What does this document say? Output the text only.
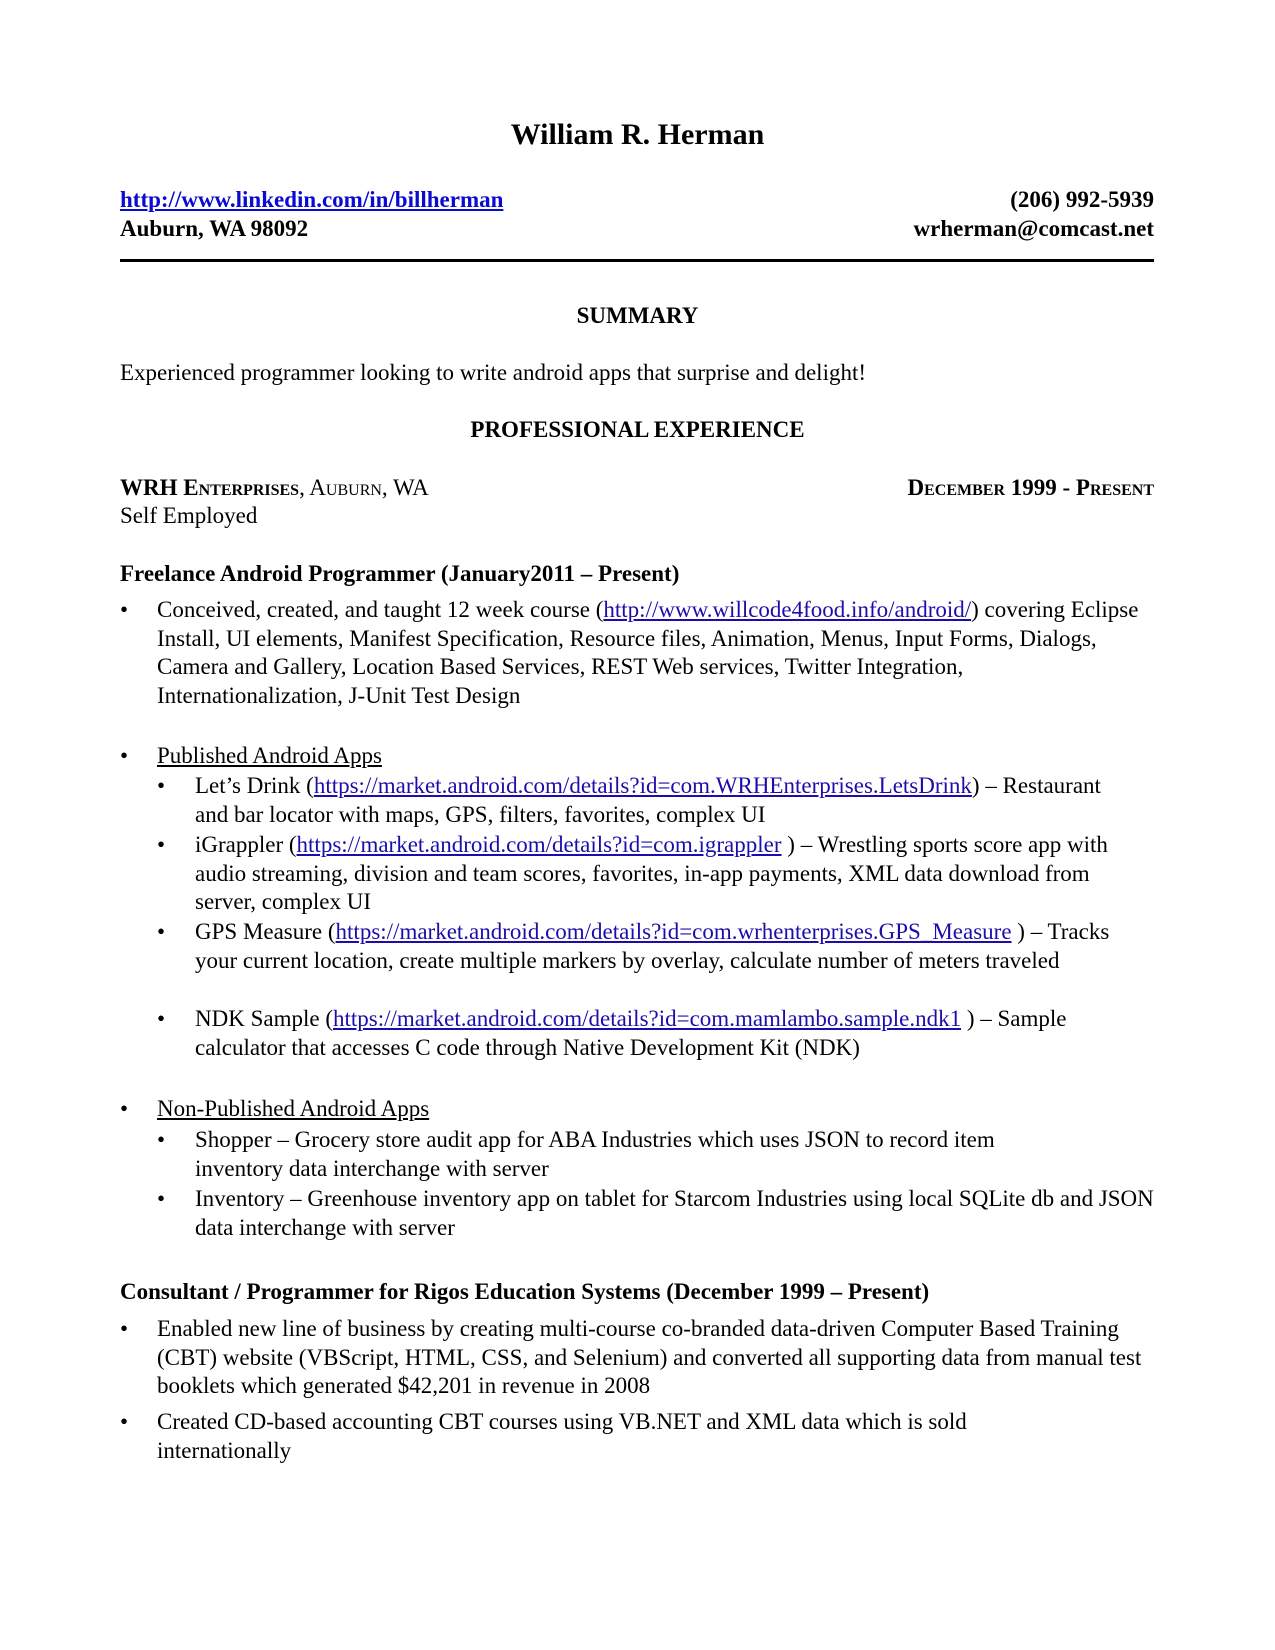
William R. Herman
http://www.linkedin.com/in/billherman
Auburn, WA 98092
(206) 992-5939
wrherman@comcast.net
SUMMARY
Experienced programmer looking to write android apps that surprise and delight!
PROFESSIONAL EXPERIENCE
WRH Enterprises, Auburn, WA	December 1999 - Present
Self Employed
Freelance Android Programmer (January2011 – Present)
• Conceived, created, and taught 12 week course (http://www.willcode4food.info/android/) covering Eclipse Install, UI elements, Manifest Specification, Resource files, Animation, Menus, Input Forms, Dialogs, Camera and Gallery, Location Based Services, REST Web services, Twitter Integration, Internationalization, J-Unit Test Design
• Published Android Apps
• Let’s Drink (https://market.android.com/details?id=com.WRHEnterprises.LetsDrink) – Restaurant and bar locator with maps, GPS, filters, favorites, complex UI
• iGrappler (https://market.android.com/details?id=com.igrappler ) – Wrestling sports score app with audio streaming, division and team scores, favorites, in-app payments, XML data download from server, complex UI
• GPS Measure (https://market.android.com/details?id=com.wrhenterprises.GPS_Measure ) – Tracks your current location, create multiple markers by overlay, calculate number of meters traveled
• NDK Sample (https://market.android.com/details?id=com.mamlambo.sample.ndk1 ) – Sample calculator that accesses C code through Native Development Kit (NDK)
• Non-Published Android Apps
• Shopper – Grocery store audit app for ABA Industries which uses JSON to record item inventory data interchange with server
• Inventory – Greenhouse inventory app on tablet for Starcom Industries using local SQLite db and JSON data interchange with server
Consultant / Programmer for Rigos Education Systems (December 1999 – Present)
• Enabled new line of business by creating multi-course co-branded data-driven Computer Based Training (CBT) website (VBScript, HTML, CSS, and Selenium) and converted all supporting data from manual test booklets which generated $42,201 in revenue in 2008
• Created CD-based accounting CBT courses using VB.NET and XML data which is sold internationally
